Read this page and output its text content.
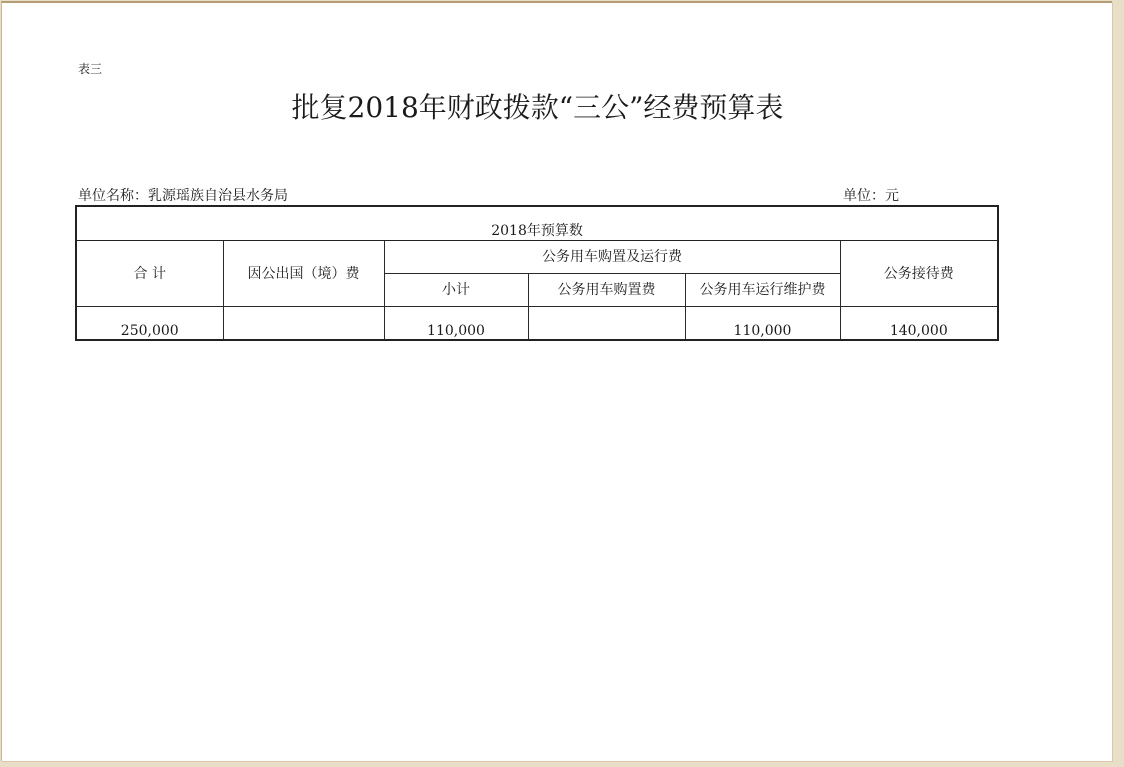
表三
批复2018年财政拨款“三公”经费预算表
单位名称：乳源瑶族自治县水务局	单位：元
2018年预算数					
合 计	因公出国（境）费	公务用车购置及运行费			公务接待费
		小计	公务用车购置费	公务用车运行维护费	
250,000		110,000		110,000	140,000
